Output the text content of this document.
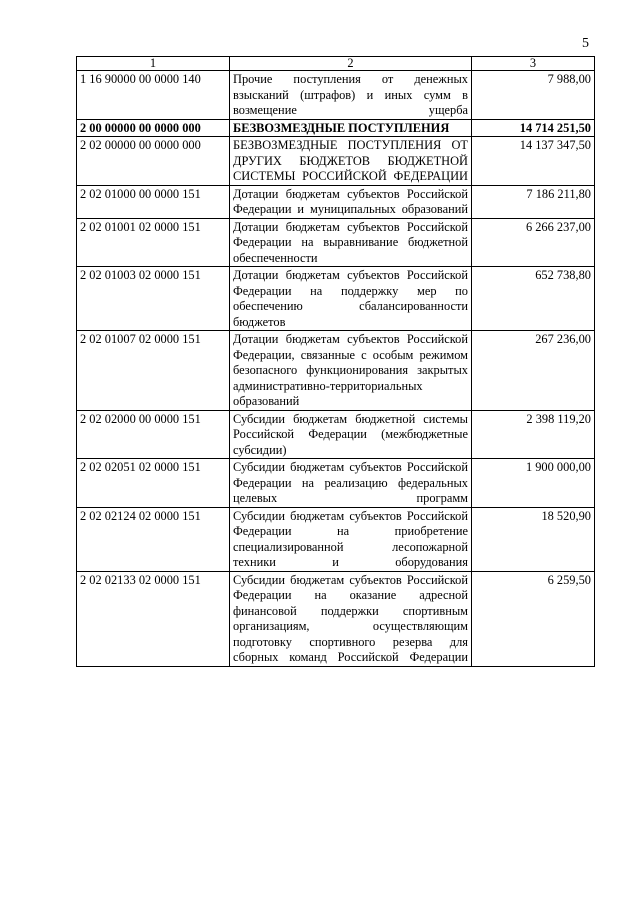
5
1	2	3
1 16 90000 00 0000 140	Прочие поступления от денежных взысканий (штрафов) и иных сумм в возмещение ущерба	7 988,00
2 00 00000 00 0000 000	БЕЗВОЗМЕЗДНЫЕ ПОСТУПЛЕНИЯ	14 714 251,50
2 02 00000 00 0000 000	БЕЗВОЗМЕЗДНЫЕ ПОСТУПЛЕНИЯ ОТ ДРУГИХ БЮДЖЕТОВ БЮДЖЕТНОЙ СИСТЕМЫ РОССИЙСКОЙ ФЕДЕРАЦИИ	14 137 347,50
2 02 01000 00 0000 151	Дотации бюджетам субъектов Российской Федерации и муниципальных образований	7 186 211,80
2 02 01001 02 0000 151	Дотации бюджетам субъектов Российской Федерации на выравнивание бюджетной обеспеченности	6 266 237,00
2 02 01003 02 0000 151	Дотации бюджетам субъектов Российской Федерации на поддержку мер по обеспечению сбалансированности бюджетов	652 738,80
2 02 01007 02 0000 151	Дотации бюджетам субъектов Российской Федерации, связанные с особым режимом безопасного функционирования закрытых административно-территориальных образований	267 236,00
2 02 02000 00 0000 151	Субсидии бюджетам бюджетной системы Российской Федерации (межбюджетные субсидии)	2 398 119,20
2 02 02051 02 0000 151	Субсидии бюджетам субъектов Российской Федерации на реализацию федеральных целевых программ	1 900 000,00
2 02 02124 02 0000 151	Субсидии бюджетам субъектов Российской Федерации на приобретение специализированной лесопожарной техники и оборудования	18 520,90
2 02 02133 02 0000 151	Субсидии бюджетам субъектов Российской Федерации на оказание адресной финансовой поддержки спортивным организациям, осуществляющим подготовку спортивного резерва для сборных команд Российской Федерации	6 259,50
